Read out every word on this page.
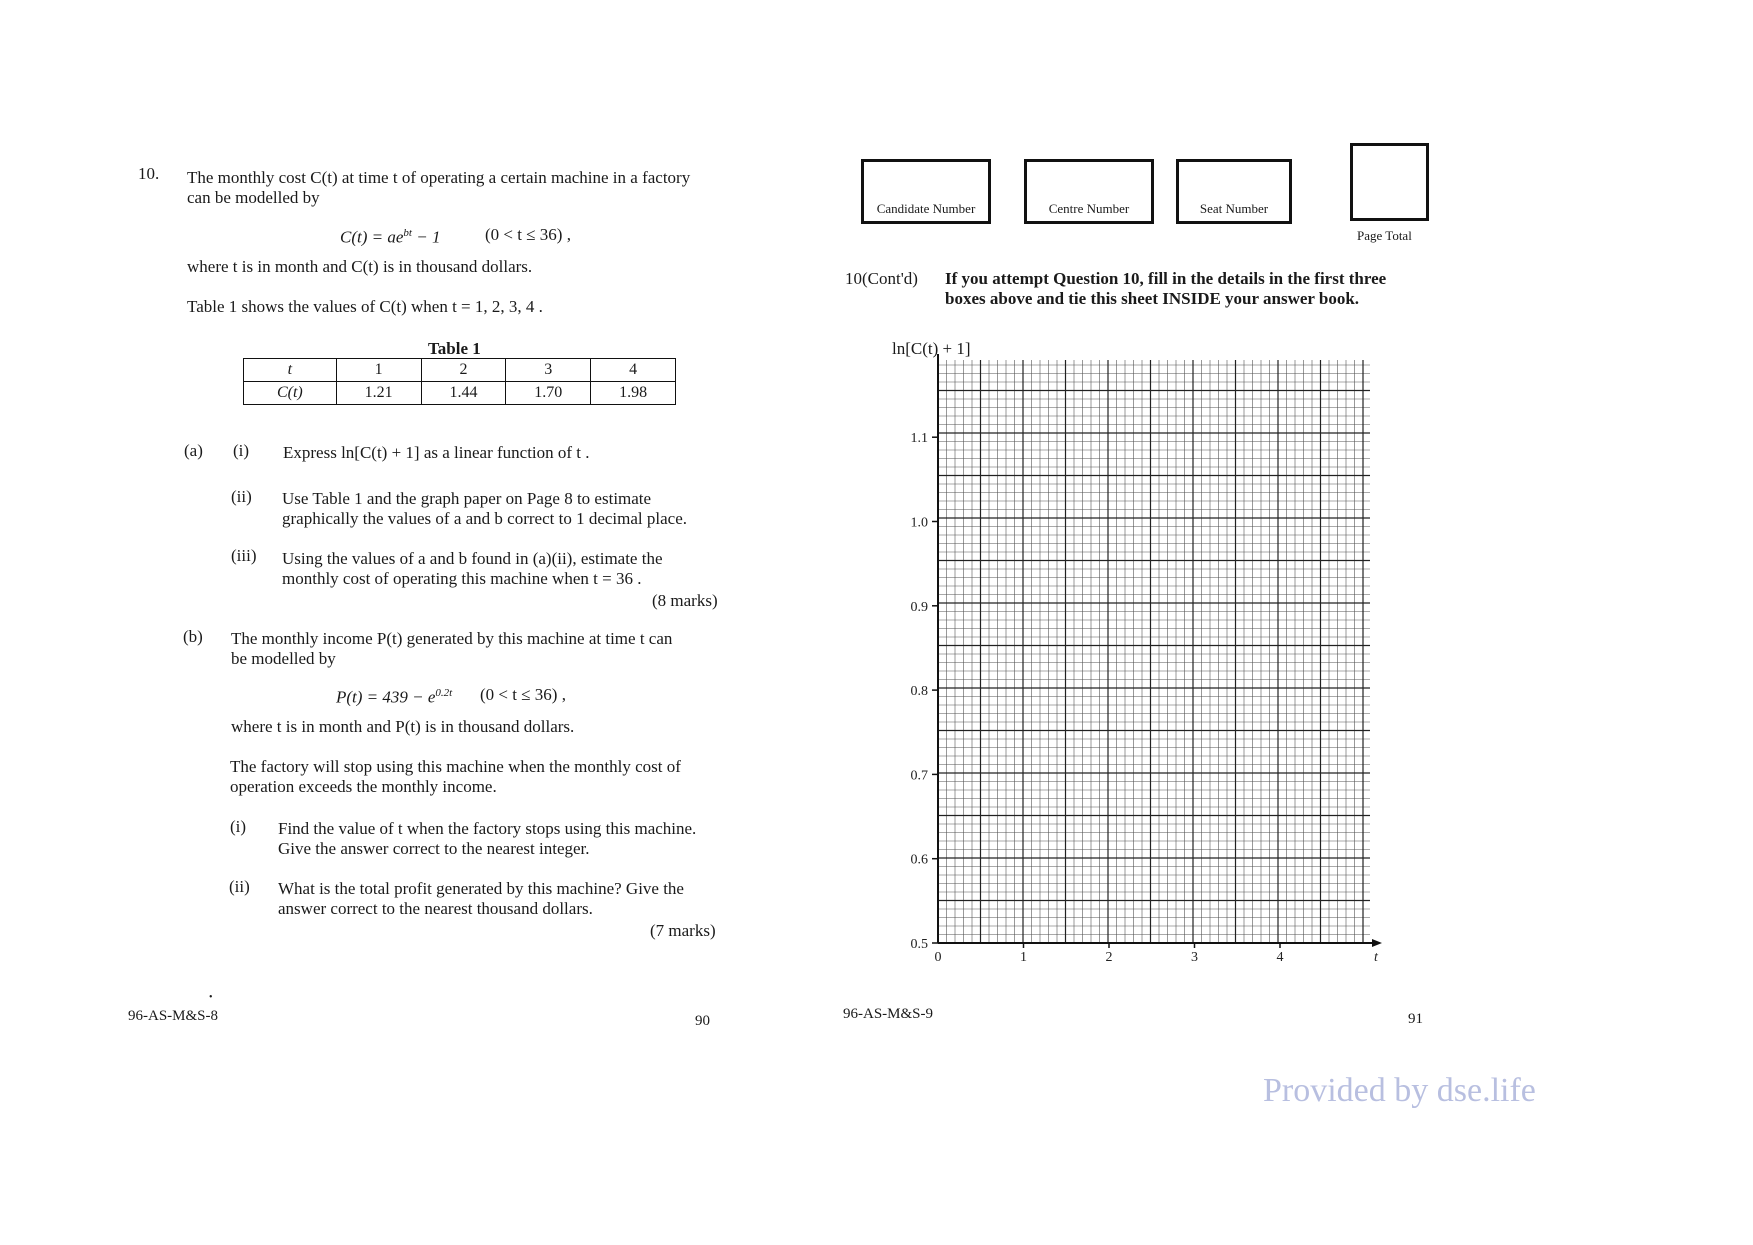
10. The monthly cost C(t) at time t of operating a certain machine in a factory
can be modelled by
$C(t) = ae^{bt} - 1$	(0 < t ≤ 36) ,
where t is in month and C(t) is in thousand dollars.
Table 1 shows the values of C(t) when t = 1, 2, 3, 4 .
Table 1
t	1	2	3	4
C(t)	1.21	1.44	1.70	1.98
(a) (i) Express ln[C(t) + 1] as a linear function of t .
(ii) Use Table 1 and the graph paper on Page 8 to estimate
graphically the values of a and b correct to 1 decimal place.
(iii) Using the values of a and b found in (a)(ii), estimate the
monthly cost of operating this machine when t = 36 .
(8 marks)
(b) The monthly income P(t) generated by this machine at time t can
be modelled by
$P(t) = 439 - e^{0.2t}$ (0 < t ≤ 36) ,
where t is in month and P(t) is in thousand dollars.
The factory will stop using this machine when the monthly cost of
operation exceeds the monthly income.
(i) Find the value of t when the factory stops using this machine.
Give the answer correct to the nearest integer.
(ii) What is the total profit generated by this machine? Give the
answer correct to the nearest thousand dollars.
(7 marks)
•
96-AS-M&S-8	90
Candidate Number	Centre Number	Seat Number
Page Total
10(Cont'd) If you attempt Question 10, fill in the details in the first three
boxes above and tie this sheet INSIDE your answer book.
ln[C(t) + 1]
0.5
0.6
0.7
0.8
0.9
1.0
1.1
0	1	2	3	4	t
96-AS-M&S-9	91
Provided by dse.life
